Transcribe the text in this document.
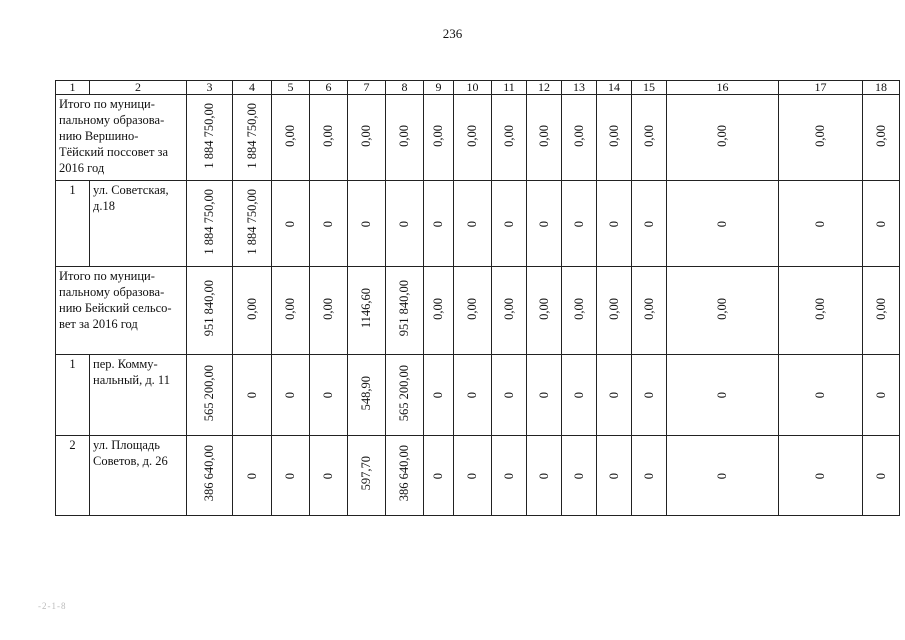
236
1	2	3	4	5	6	7	8	9	10	11	12	13	14	15	16	17	18
Итого по муници-пальному образова-нию Вершино-Тёйский поссовет за 2016 год		1 884 750,00	1 884 750,00	0,00	0,00	0,00	0,00	0,00	0,00	0,00	0,00	0,00	0,00	0,00	0,00	0,00	0,00
1	ул. Советская, д.18	1 884 750,00	1 884 750,00	0	0	0	0	0	0	0	0	0	0	0	0	0	0
Итого по муници-пальному образова-нию Бейский сельсо-вет за 2016 год		951 840,00	0,00	0,00	0,00	1146,60	951 840,00	0,00	0,00	0,00	0,00	0,00	0,00	0,00	0,00	0,00	0,00
1	пер. Комму-нальный, д. 11	565 200,00	0	0	0	548,90	565 200,00	0	0	0	0	0	0	0	0	0	0
2	ул. Площадь Советов, д. 26	386 640,00	0	0	0	597,70	386 640,00	0	0	0	0	0	0	0	0	0	0
-2-1-8
